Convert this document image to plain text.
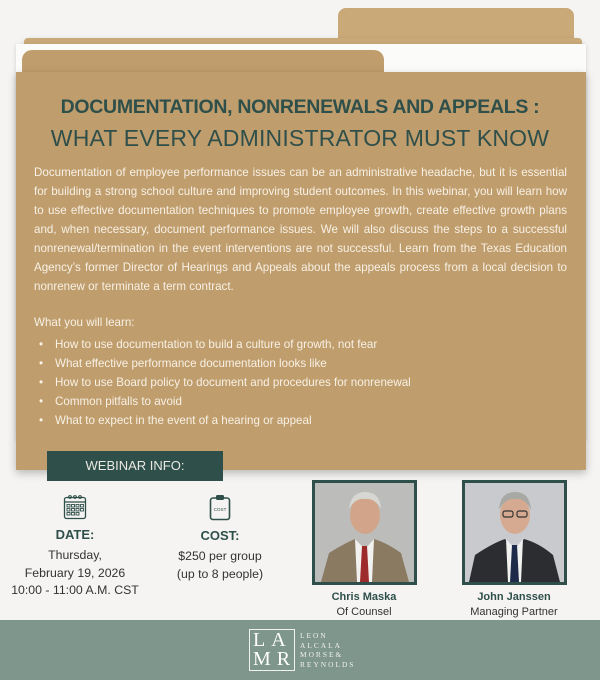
DOCUMENTATION, NONRENEWALS AND APPEALS :
WHAT EVERY ADMINISTRATOR MUST KNOW

Documentation of employee performance issues can be an administrative headache, but it is essential for building a strong school culture and improving student outcomes. In this webinar, you will learn how to use effective documentation techniques to promote employee growth, create effective growth plans and, when necessary, document performance issues. We will also discuss the steps to a successful nonrenewal/termination in the event interventions are not successful. Learn from the Texas Education Agency’s former Director of Hearings and Appeals about the appeals process from a local decision to nonrenew or terminate a term contract.

What you will learn:
• How to use documentation to build a culture of growth, not fear
• What effective performance documentation looks like
• How to use Board policy to document and procedures for nonrenewal
• Common pitfalls to avoid
• What to expect in the event of a hearing or appeal
WEBINAR INFO:
DATE:
Thursday,
February 19, 2026
10:00 - 11:00 A.M. CST
COST
COST:
$250 per group
(up to 8 people)
Chris Maska
Of Counsel
John Janssen
Managing Partner
LA
MR
LEON
ALCALA
MORSE&
REYNOLDS
